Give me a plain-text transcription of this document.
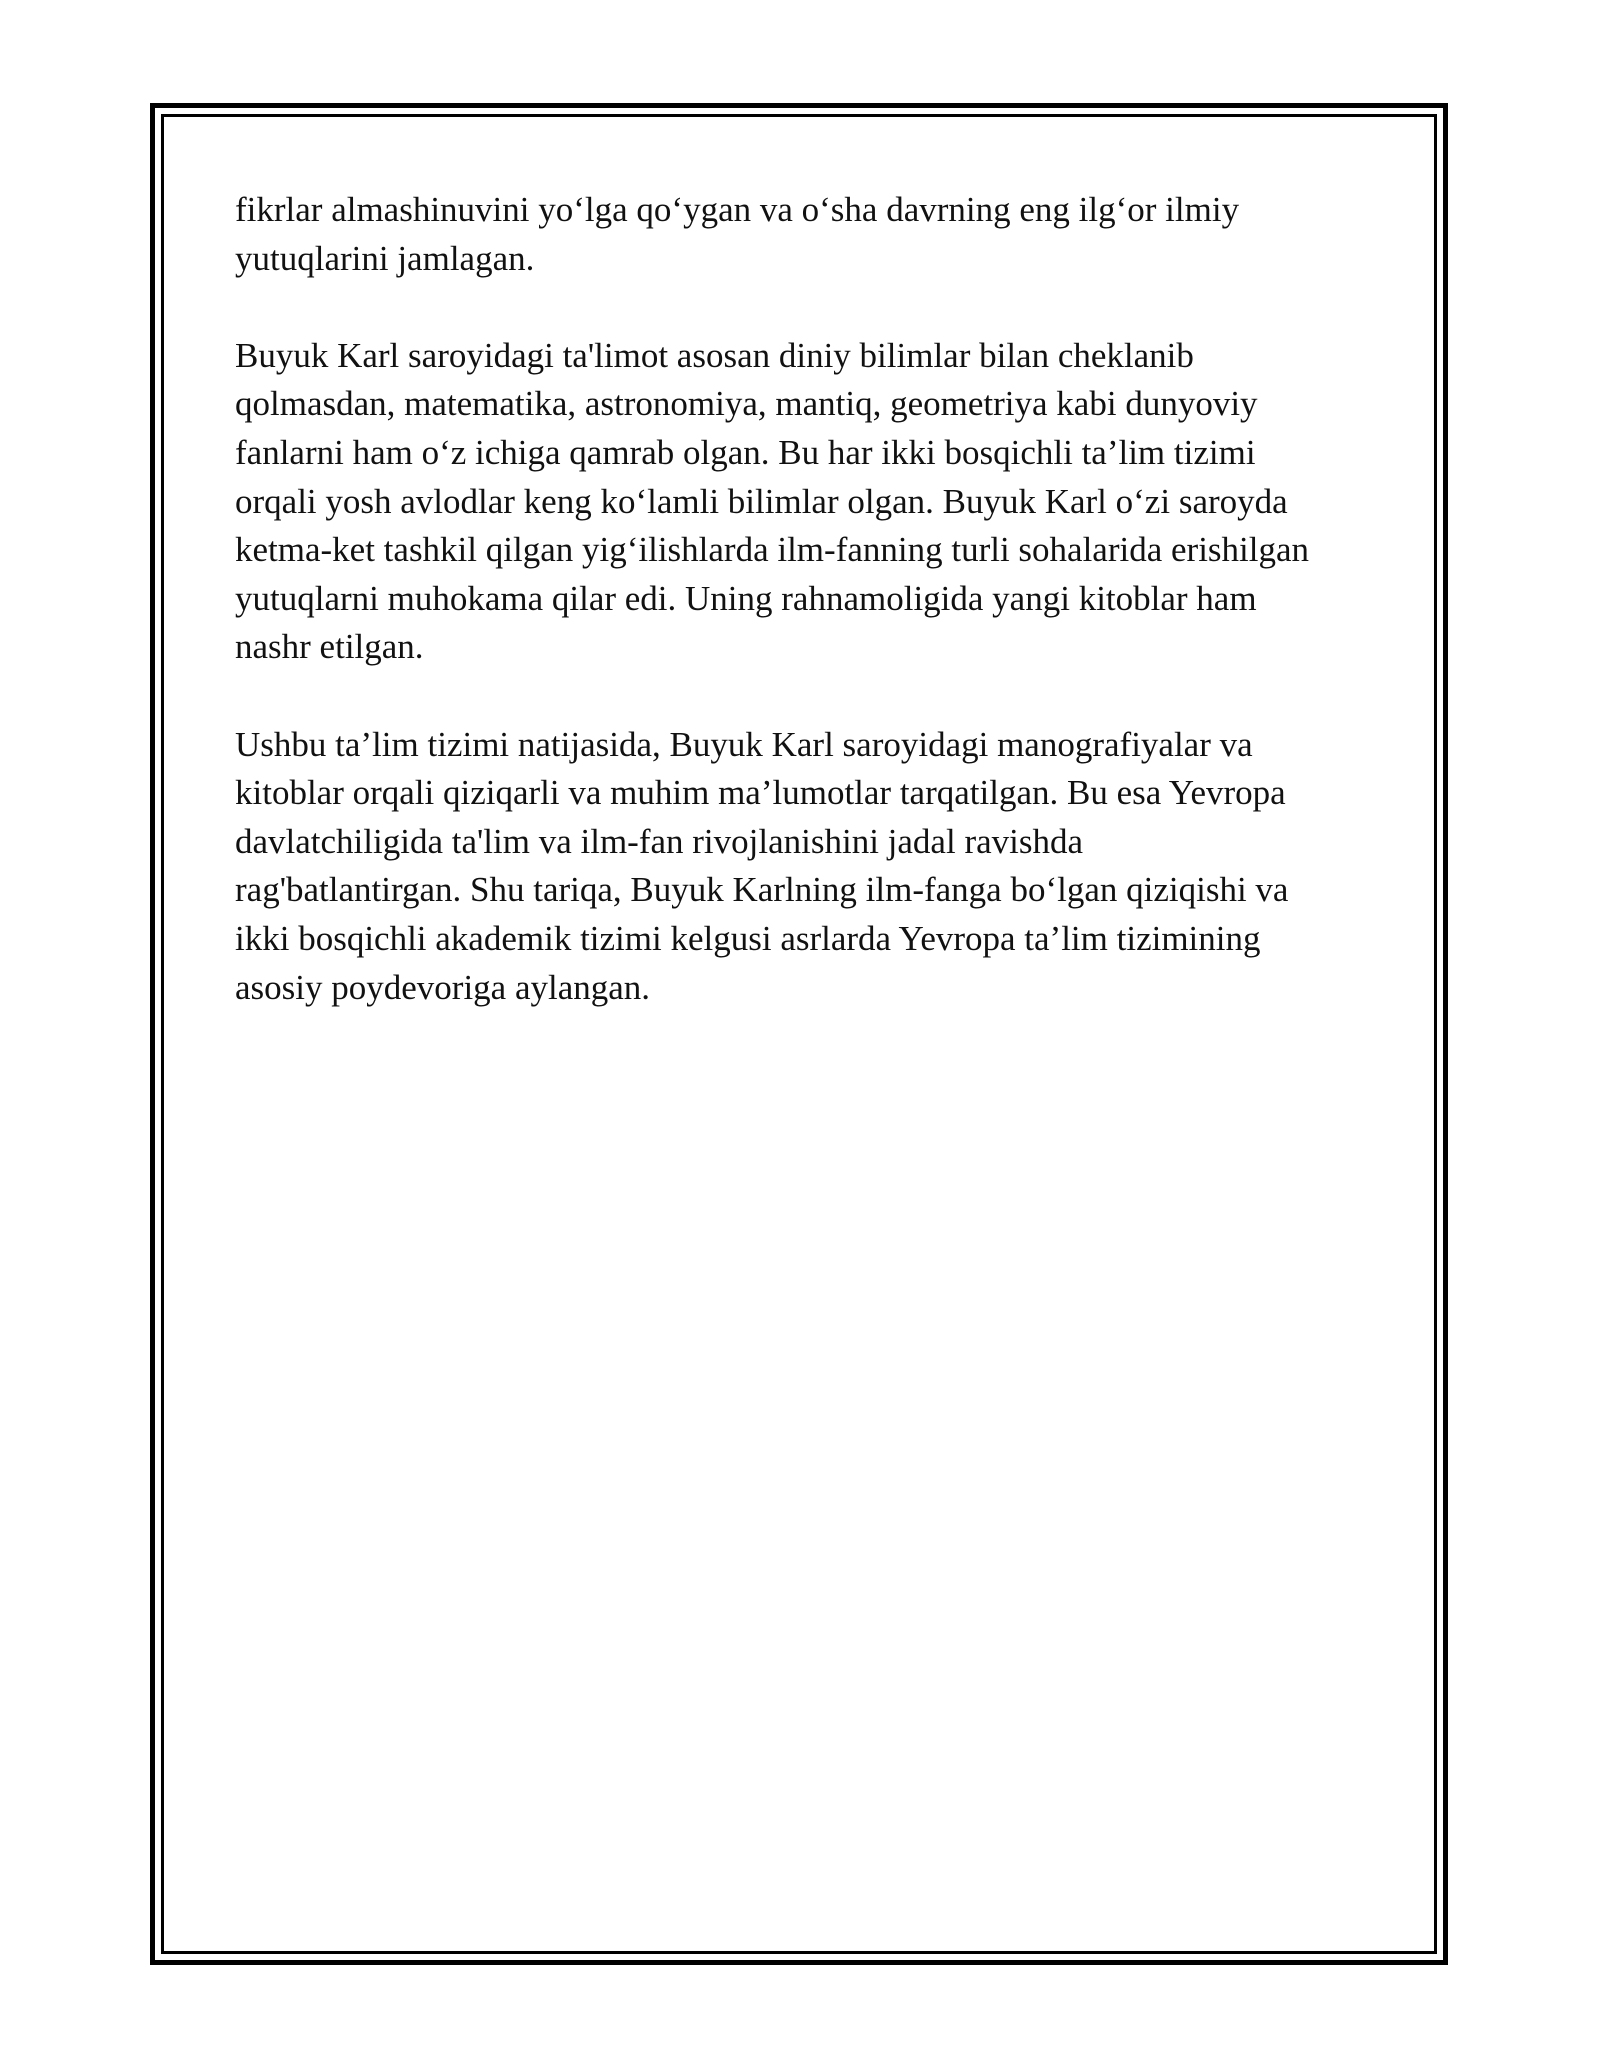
fikrlar almashinuvini yo‘lga qo‘ygan va o‘sha davrning eng ilg‘or ilmiy
yutuqlarini jamlagan.

Buyuk Karl saroyidagi ta'limot asosan diniy bilimlar bilan cheklanib
qolmasdan, matematika, astronomiya, mantiq, geometriya kabi dunyoviy
fanlarni ham o‘z ichiga qamrab olgan. Bu har ikki bosqichli ta’lim tizimi
orqali yosh avlodlar keng ko‘lamli bilimlar olgan. Buyuk Karl o‘zi saroyda
ketma-ket tashkil qilgan yig‘ilishlarda ilm-fanning turli sohalarida erishilgan
yutuqlarni muhokama qilar edi. Uning rahnamoligida yangi kitoblar ham
nashr etilgan.

Ushbu ta’lim tizimi natijasida, Buyuk Karl saroyidagi manografiyalar va
kitoblar orqali qiziqarli va muhim ma’lumotlar tarqatilgan. Bu esa Yevropa
davlatchiligida ta'lim va ilm-fan rivojlanishini jadal ravishda
rag'batlantirgan. Shu tariqa, Buyuk Karlning ilm-fanga bo‘lgan qiziqishi va
ikki bosqichli akademik tizimi kelgusi asrlarda Yevropa ta’lim tizimining
asosiy poydevoriga aylangan.
